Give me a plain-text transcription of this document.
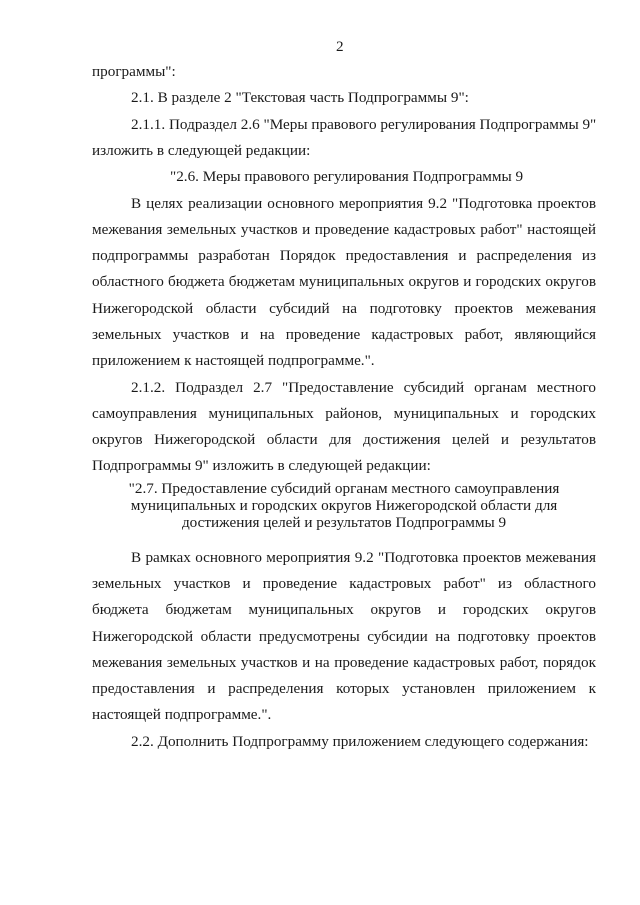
2
программы":
2.1. В разделе 2 "Текстовая часть Подпрограммы 9":
2.1.1. Подраздел 2.6 "Меры правового регулирования Подпрограммы 9"
изложить в следующей редакции:
"2.6. Меры правового регулирования Подпрограммы 9
В целях реализации основного мероприятия 9.2 "Подготовка проектов
межевания земельных участков и проведение кадастровых работ" настоящей
подпрограммы разработан Порядок предоставления и распределения из
областного бюджета бюджетам муниципальных округов и городских округов
Нижегородской области субсидий на подготовку проектов межевания
земельных участков и на проведение кадастровых работ, являющийся
приложением к настоящей подпрограмме.".
2.1.2. Подраздел 2.7 "Предоставление субсидий органам местного
самоуправления муниципальных районов, муниципальных и городских
округов Нижегородской области для достижения целей и результатов
Подпрограммы 9" изложить в следующей редакции:
"2.7. Предоставление субсидий органам местного самоуправления
муниципальных и городских округов Нижегородской области для
достижения целей и результатов Подпрограммы 9
В рамках основного мероприятия 9.2 "Подготовка проектов межевания
земельных участков и проведение кадастровых работ" из областного
бюджета бюджетам муниципальных округов и городских округов
Нижегородской области предусмотрены субсидии на подготовку проектов
межевания земельных участков и на проведение кадастровых работ, порядок
предоставления и распределения которых установлен приложением к
настоящей подпрограмме.".
2.2. Дополнить Подпрограмму приложением следующего содержания:
